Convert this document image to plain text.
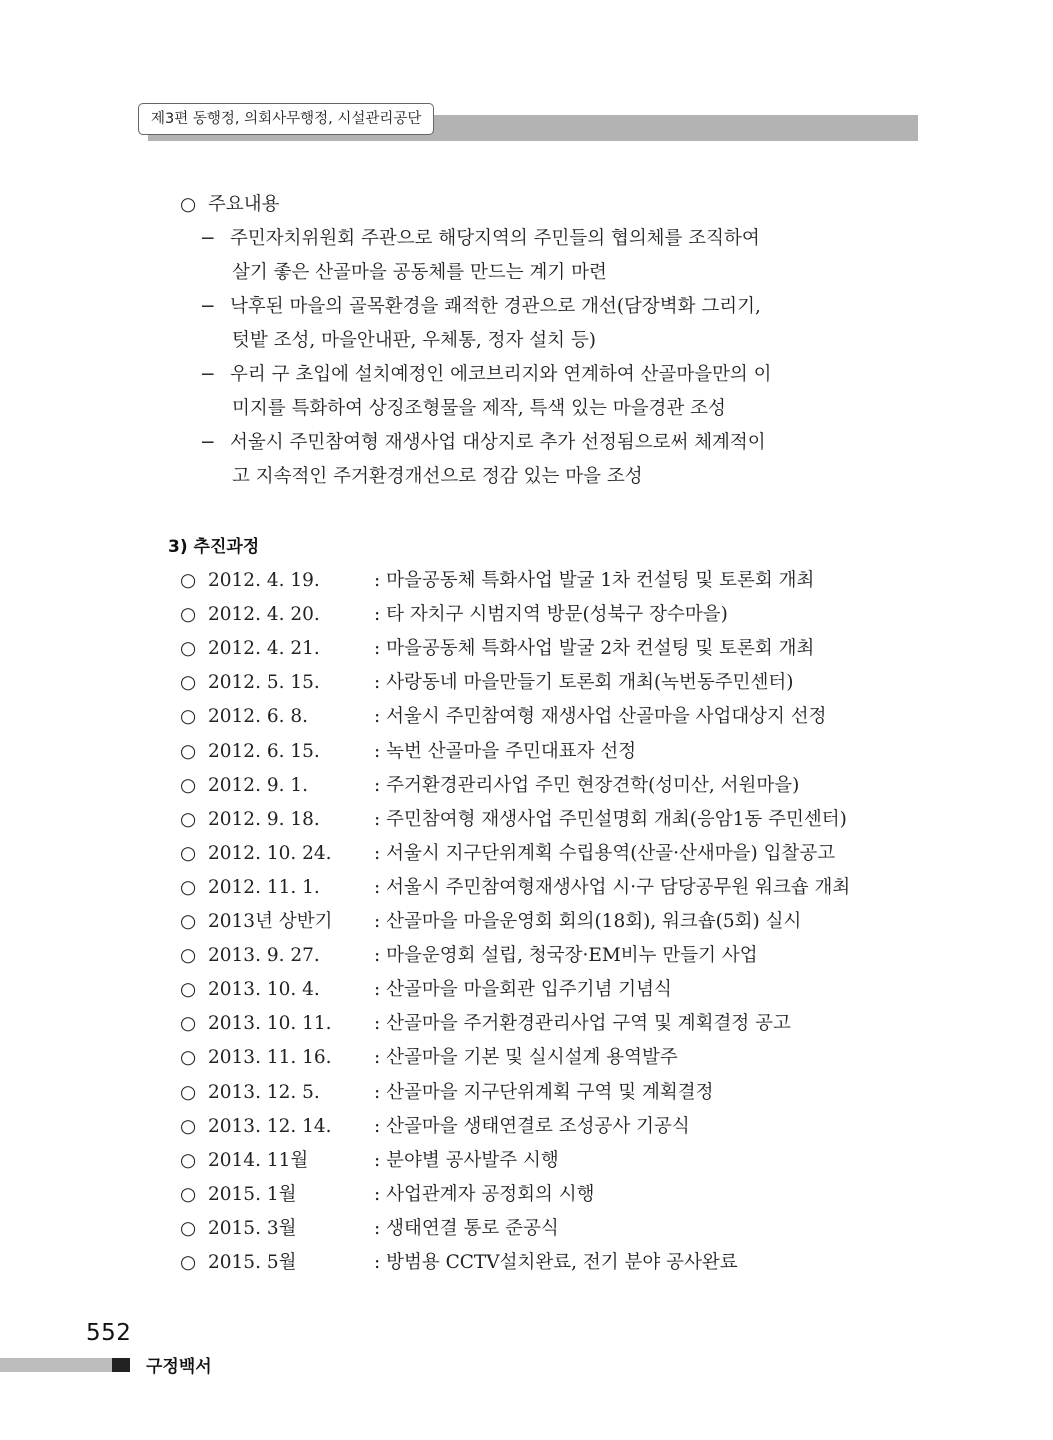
제3편 동행정, 의회사무행정, 시설관리공단
○ 주요내용
− 주민자치위원회 주관으로 해당지역의 주민들의 협의체를 조직하여
살기 좋은 산골마을 공동체를 만드는 계기 마련
− 낙후된 마을의 골목환경을 쾌적한 경관으로 개선(담장벽화 그리기,
텃밭 조성, 마을안내판, 우체통, 정자 설치 등)
− 우리 구 초입에 설치예정인 에코브리지와 연계하여 산골마을만의 이
미지를 특화하여 상징조형물을 제작, 특색 있는 마을경관 조성
− 서울시 주민참여형 재생사업 대상지로 추가 선정됨으로써 체계적이
고 지속적인 주거환경개선으로 정감 있는 마을 조성
3) 추진과정
○ 2012. 4. 19.	: 마을공동체 특화사업 발굴 1차 컨설팅 및 토론회 개최
○ 2012. 4. 20.	: 타 자치구 시범지역 방문(성북구 장수마을)
○ 2012. 4. 21.	: 마을공동체 특화사업 발굴 2차 컨설팅 및 토론회 개최
○ 2012. 5. 15.	: 사랑동네 마을만들기 토론회 개최(녹번동주민센터)
○ 2012. 6. 8.	: 서울시 주민참여형 재생사업 산골마을 사업대상지 선정
○ 2012. 6. 15.	: 녹번 산골마을 주민대표자 선정
○ 2012. 9. 1.	: 주거환경관리사업 주민 현장견학(성미산, 서원마을)
○ 2012. 9. 18.	: 주민참여형 재생사업 주민설명회 개최(응암1동 주민센터)
○ 2012. 10. 24. : 서울시 지구단위계획 수립용역(산골·산새마을) 입찰공고
○ 2012. 11. 1.	: 서울시 주민참여형재생사업 시·구 담당공무원 워크숍 개최
○ 2013년 상반기 : 산골마을 마을운영회 회의(18회), 워크숍(5회) 실시
○ 2013. 9. 27.	: 마을운영회 설립, 청국장·EM비누 만들기 사업
○ 2013. 10. 4.	: 산골마을 마을회관 입주기념 기념식
○ 2013. 10. 11. : 산골마을 주거환경관리사업 구역 및 계획결정 공고
○ 2013. 11. 16. : 산골마을 기본 및 실시설계 용역발주
○ 2013. 12. 5.	: 산골마을 지구단위계획 구역 및 계획결정
○ 2013. 12. 14. : 산골마을 생태연결로 조성공사 기공식
○ 2014. 11월	: 분야별 공사발주 시행
○ 2015. 1월	: 사업관계자 공정회의 시행
○ 2015. 3월	: 생태연결 통로 준공식
○ 2015. 5월	: 방범용 CCTV설치완료, 전기 분야 공사완료
552
구정백서
